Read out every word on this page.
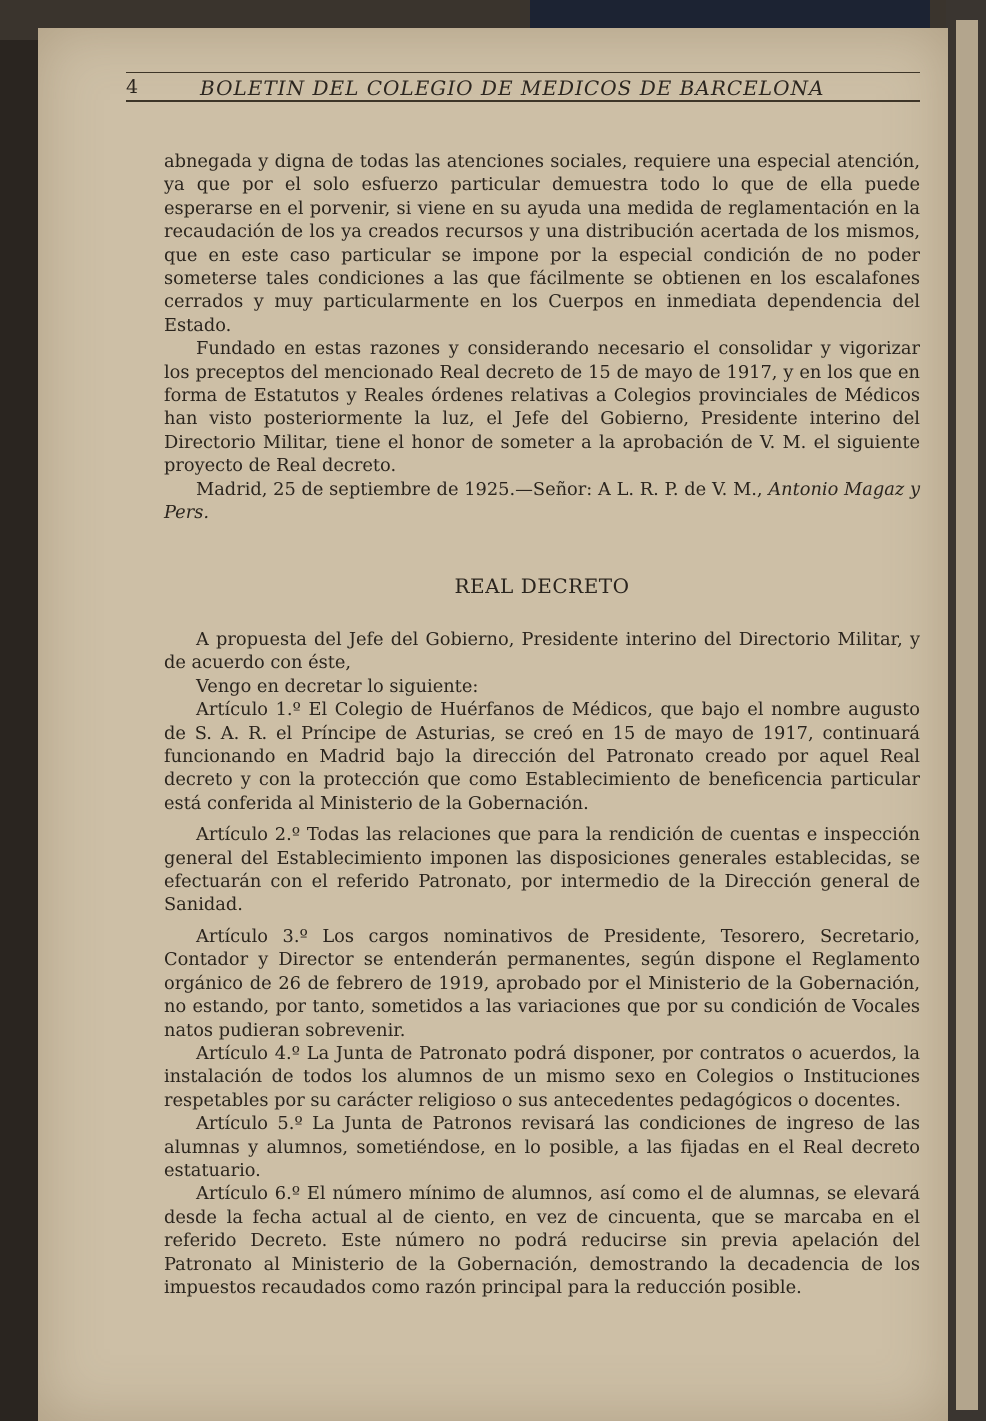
4	BOLETIN DEL COLEGIO DE MEDICOS DE BARCELONA

abnegada y digna de todas las atenciones sociales, requiere una especial atención, ya que por el solo esfuerzo particular demuestra todo lo que de ella puede esperarse en el porvenir, si viene en su ayuda una medida de reglamentación en la recaudación de los ya creados recursos y una distribución acertada de los mismos, que en este caso particular se impone por la especial condición de no poder someterse tales condiciones a las que fácilmente se obtienen en los escalafones cerrados y muy particularmente en los Cuerpos en inmediata dependencia del Estado.

Fundado en estas razones y considerando necesario el consolidar y vigorizar los preceptos del mencionado Real decreto de 15 de mayo de 1917, y en los que en forma de Estatutos y Reales órdenes relativas a Colegios provinciales de Médicos han visto posteriormente la luz, el Jefe del Gobierno, Presidente interino del Directorio Militar, tiene el honor de someter a la aprobación de V. M. el siguiente proyecto de Real decreto.

Madrid, 25 de septiembre de 1925.—Señor: A L. R. P. de V. M., Antonio Magaz y Pers.

REAL DECRETO

A propuesta del Jefe del Gobierno, Presidente interino del Directorio Militar, y de acuerdo con éste,

Vengo en decretar lo siguiente:

Artículo 1.º El Colegio de Huérfanos de Médicos, que bajo el nombre augusto de S. A. R. el Príncipe de Asturias, se creó en 15 de mayo de 1917, continuará funcionando en Madrid bajo la dirección del Patronato creado por aquel Real decreto y con la protección que como Establecimiento de beneficencia particular está conferida al Ministerio de la Gobernación.

Artículo 2.º Todas las relaciones que para la rendición de cuentas e inspección general del Establecimiento imponen las disposiciones generales establecidas, se efectuarán con el referido Patronato, por intermedio de la Dirección general de Sanidad.

Artículo 3.º Los cargos nominativos de Presidente, Tesorero, Secretario, Contador y Director se entenderán permanentes, según dispone el Reglamento orgánico de 26 de febrero de 1919, aprobado por el Ministerio de la Gobernación, no estando, por tanto, sometidos a las variaciones que por su condición de Vocales natos pudieran sobrevenir.

Artículo 4.º La Junta de Patronato podrá disponer, por contratos o acuerdos, la instalación de todos los alumnos de un mismo sexo en Colegios o Instituciones respetables por su carácter religioso o sus antecedentes pedagógicos o docentes.

Artículo 5.º La Junta de Patronos revisará las condiciones de ingreso de las alumnas y alumnos, sometiéndose, en lo posible, a las fijadas en el Real decreto estatuario.

Artículo 6.º El número mínimo de alumnos, así como el de alumnas, se elevará desde la fecha actual al de ciento, en vez de cincuenta, que se marcaba en el referido Decreto. Este número no podrá reducirse sin previa apelación del Patronato al Ministerio de la Gobernación, demostrando la decadencia de los impuestos recaudados como razón principal para la reducción posible.
